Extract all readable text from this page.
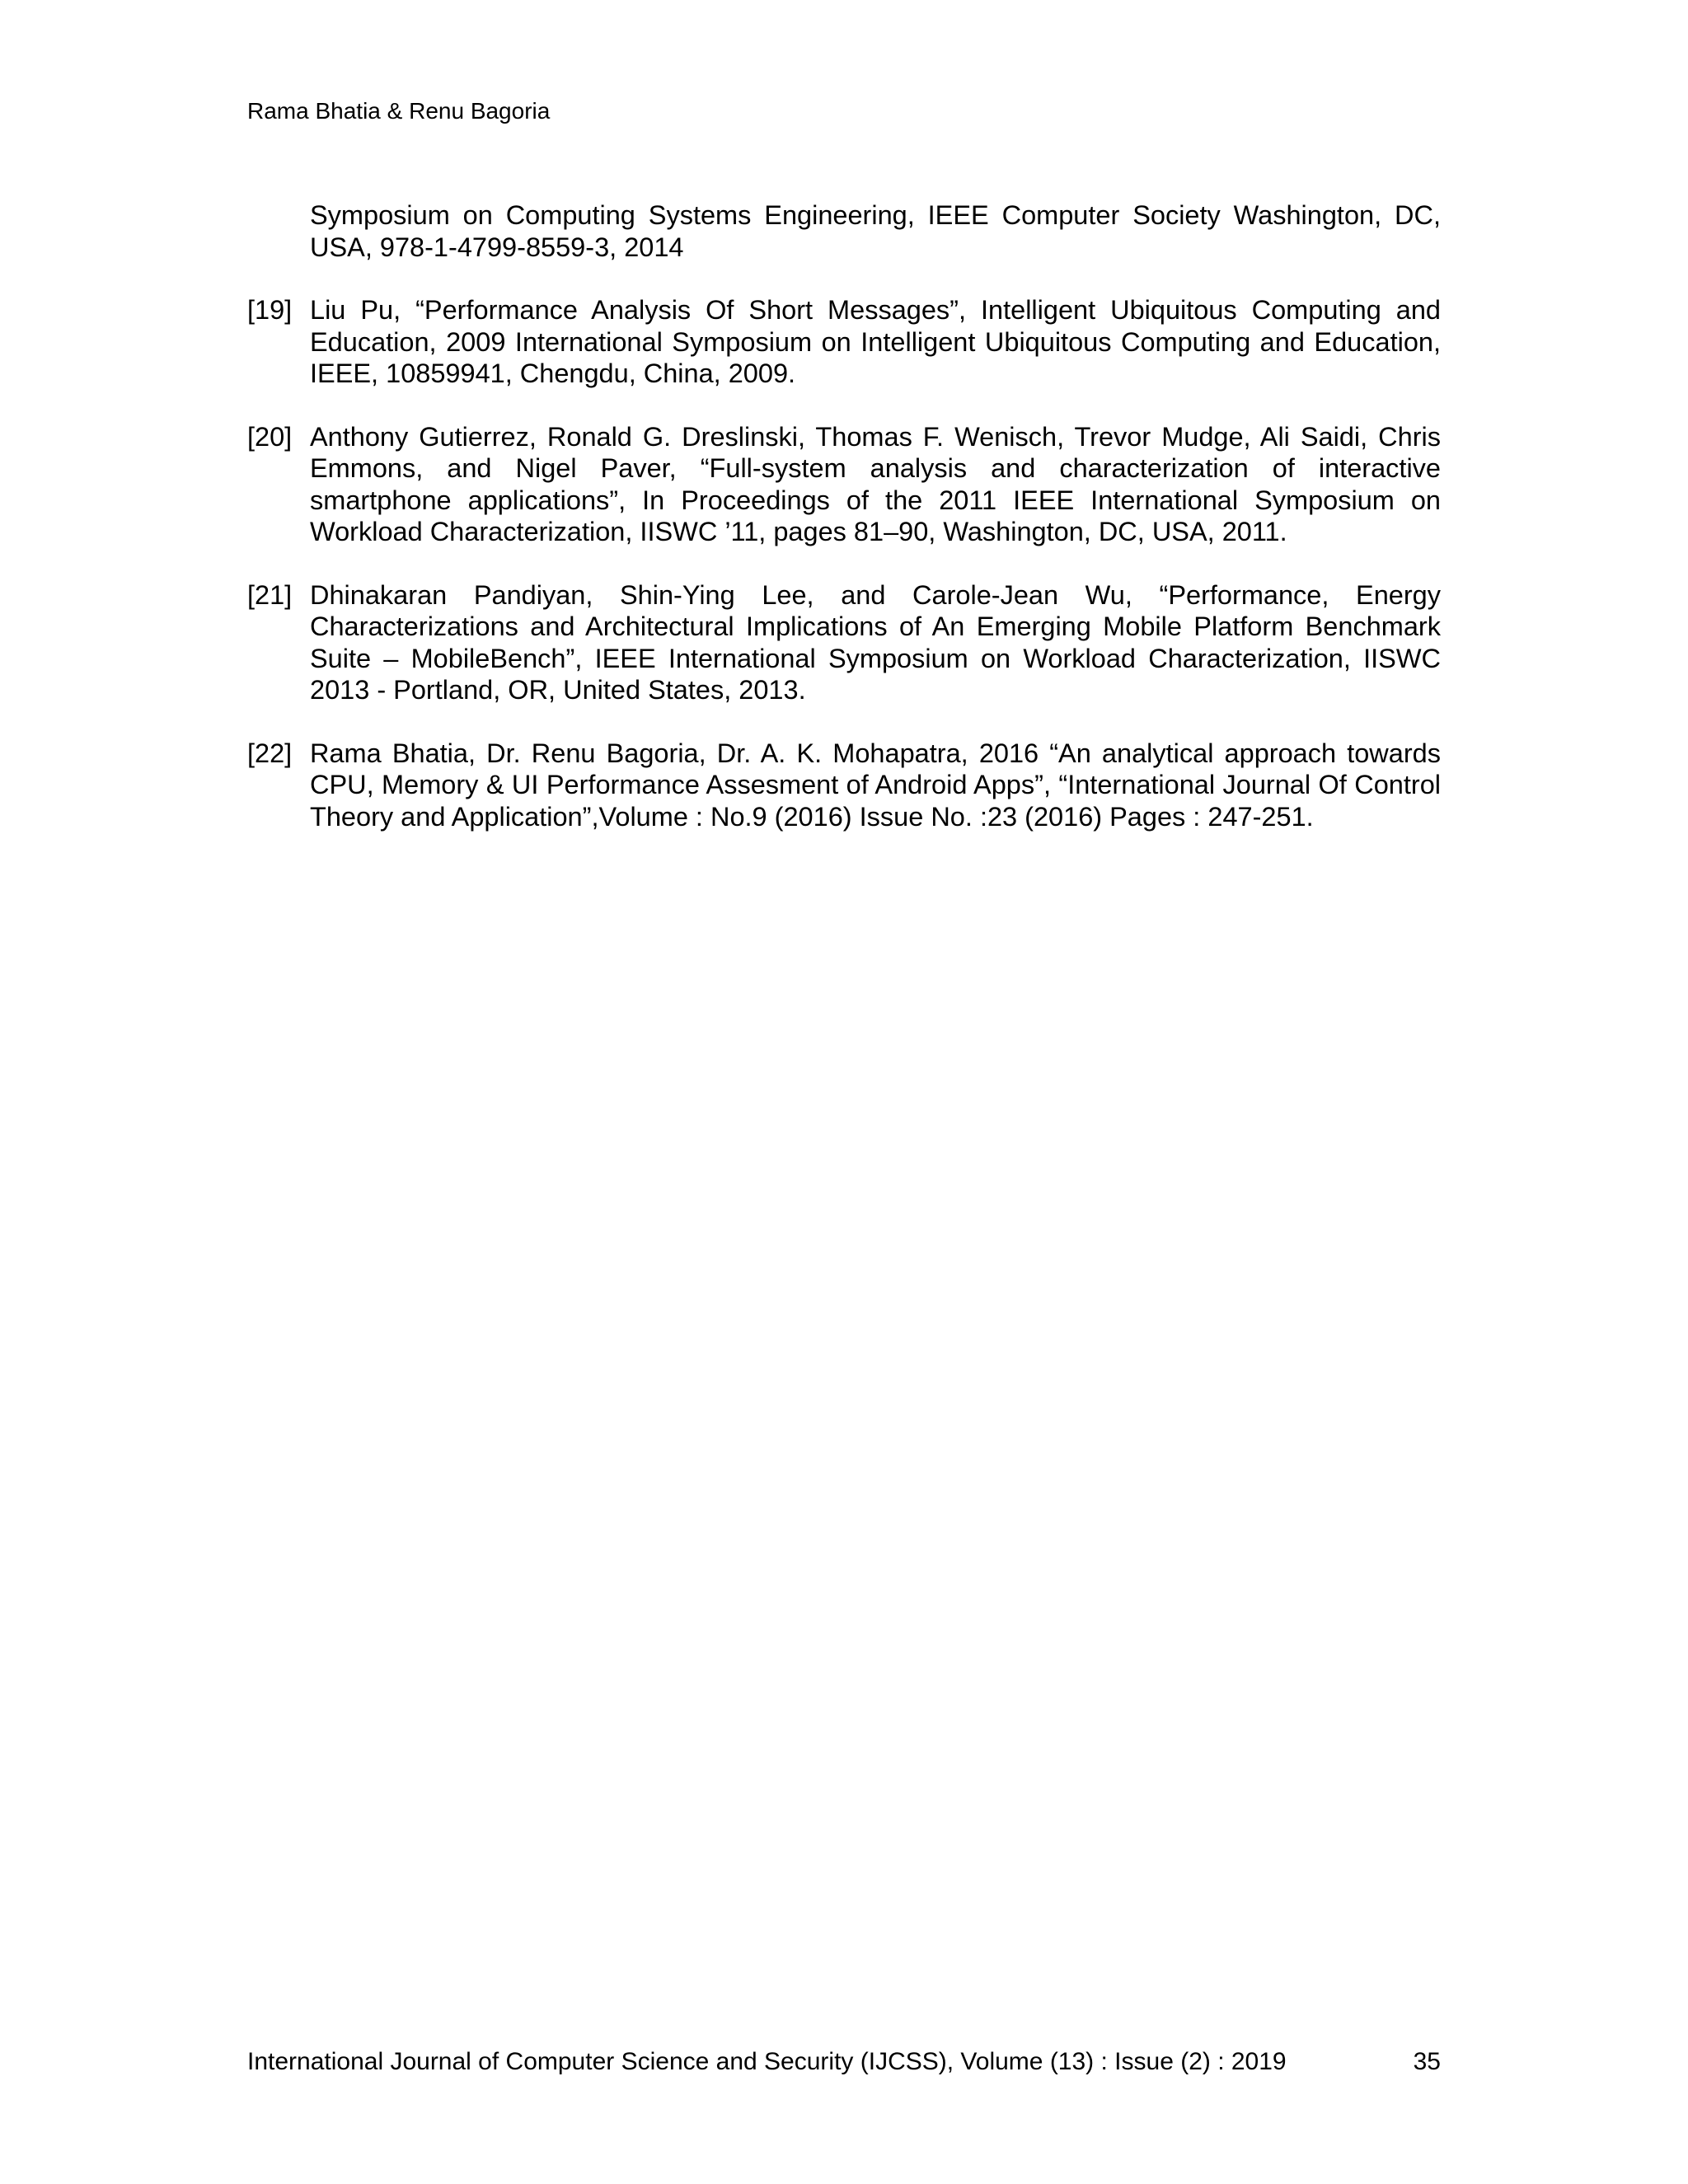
Rama Bhatia & Renu Bagoria
Symposium on Computing Systems Engineering, IEEE Computer Society Washington, DC, USA, 978-1-4799-8559-3, 2014
[19] Liu Pu, “Performance Analysis Of Short Messages”, Intelligent Ubiquitous Computing and Education, 2009 International Symposium on Intelligent Ubiquitous Computing and Education, IEEE, 10859941, Chengdu, China, 2009.
[20] Anthony Gutierrez, Ronald G. Dreslinski, Thomas F. Wenisch, Trevor Mudge, Ali Saidi, Chris Emmons, and Nigel Paver, “Full-system analysis and characterization of interactive smartphone applications”, In Proceedings of the 2011 IEEE International Symposium on Workload Characterization, IISWC ’11, pages 81–90, Washington, DC, USA, 2011.
[21] Dhinakaran Pandiyan, Shin-Ying Lee, and Carole-Jean Wu, “Performance, Energy Characterizations and Architectural Implications of An Emerging Mobile Platform Benchmark Suite – MobileBench”, IEEE International Symposium on Workload Characterization, IISWC 2013 - Portland, OR, United States, 2013.
[22] Rama Bhatia, Dr. Renu Bagoria, Dr. A. K. Mohapatra, 2016 “An analytical approach towards CPU, Memory & UI Performance Assesment of Android Apps”, “International Journal Of Control Theory and Application”,Volume : No.9 (2016) Issue No. :23 (2016) Pages : 247-251.
International Journal of Computer Science and Security (IJCSS), Volume (13) : Issue (2) : 2019	35
